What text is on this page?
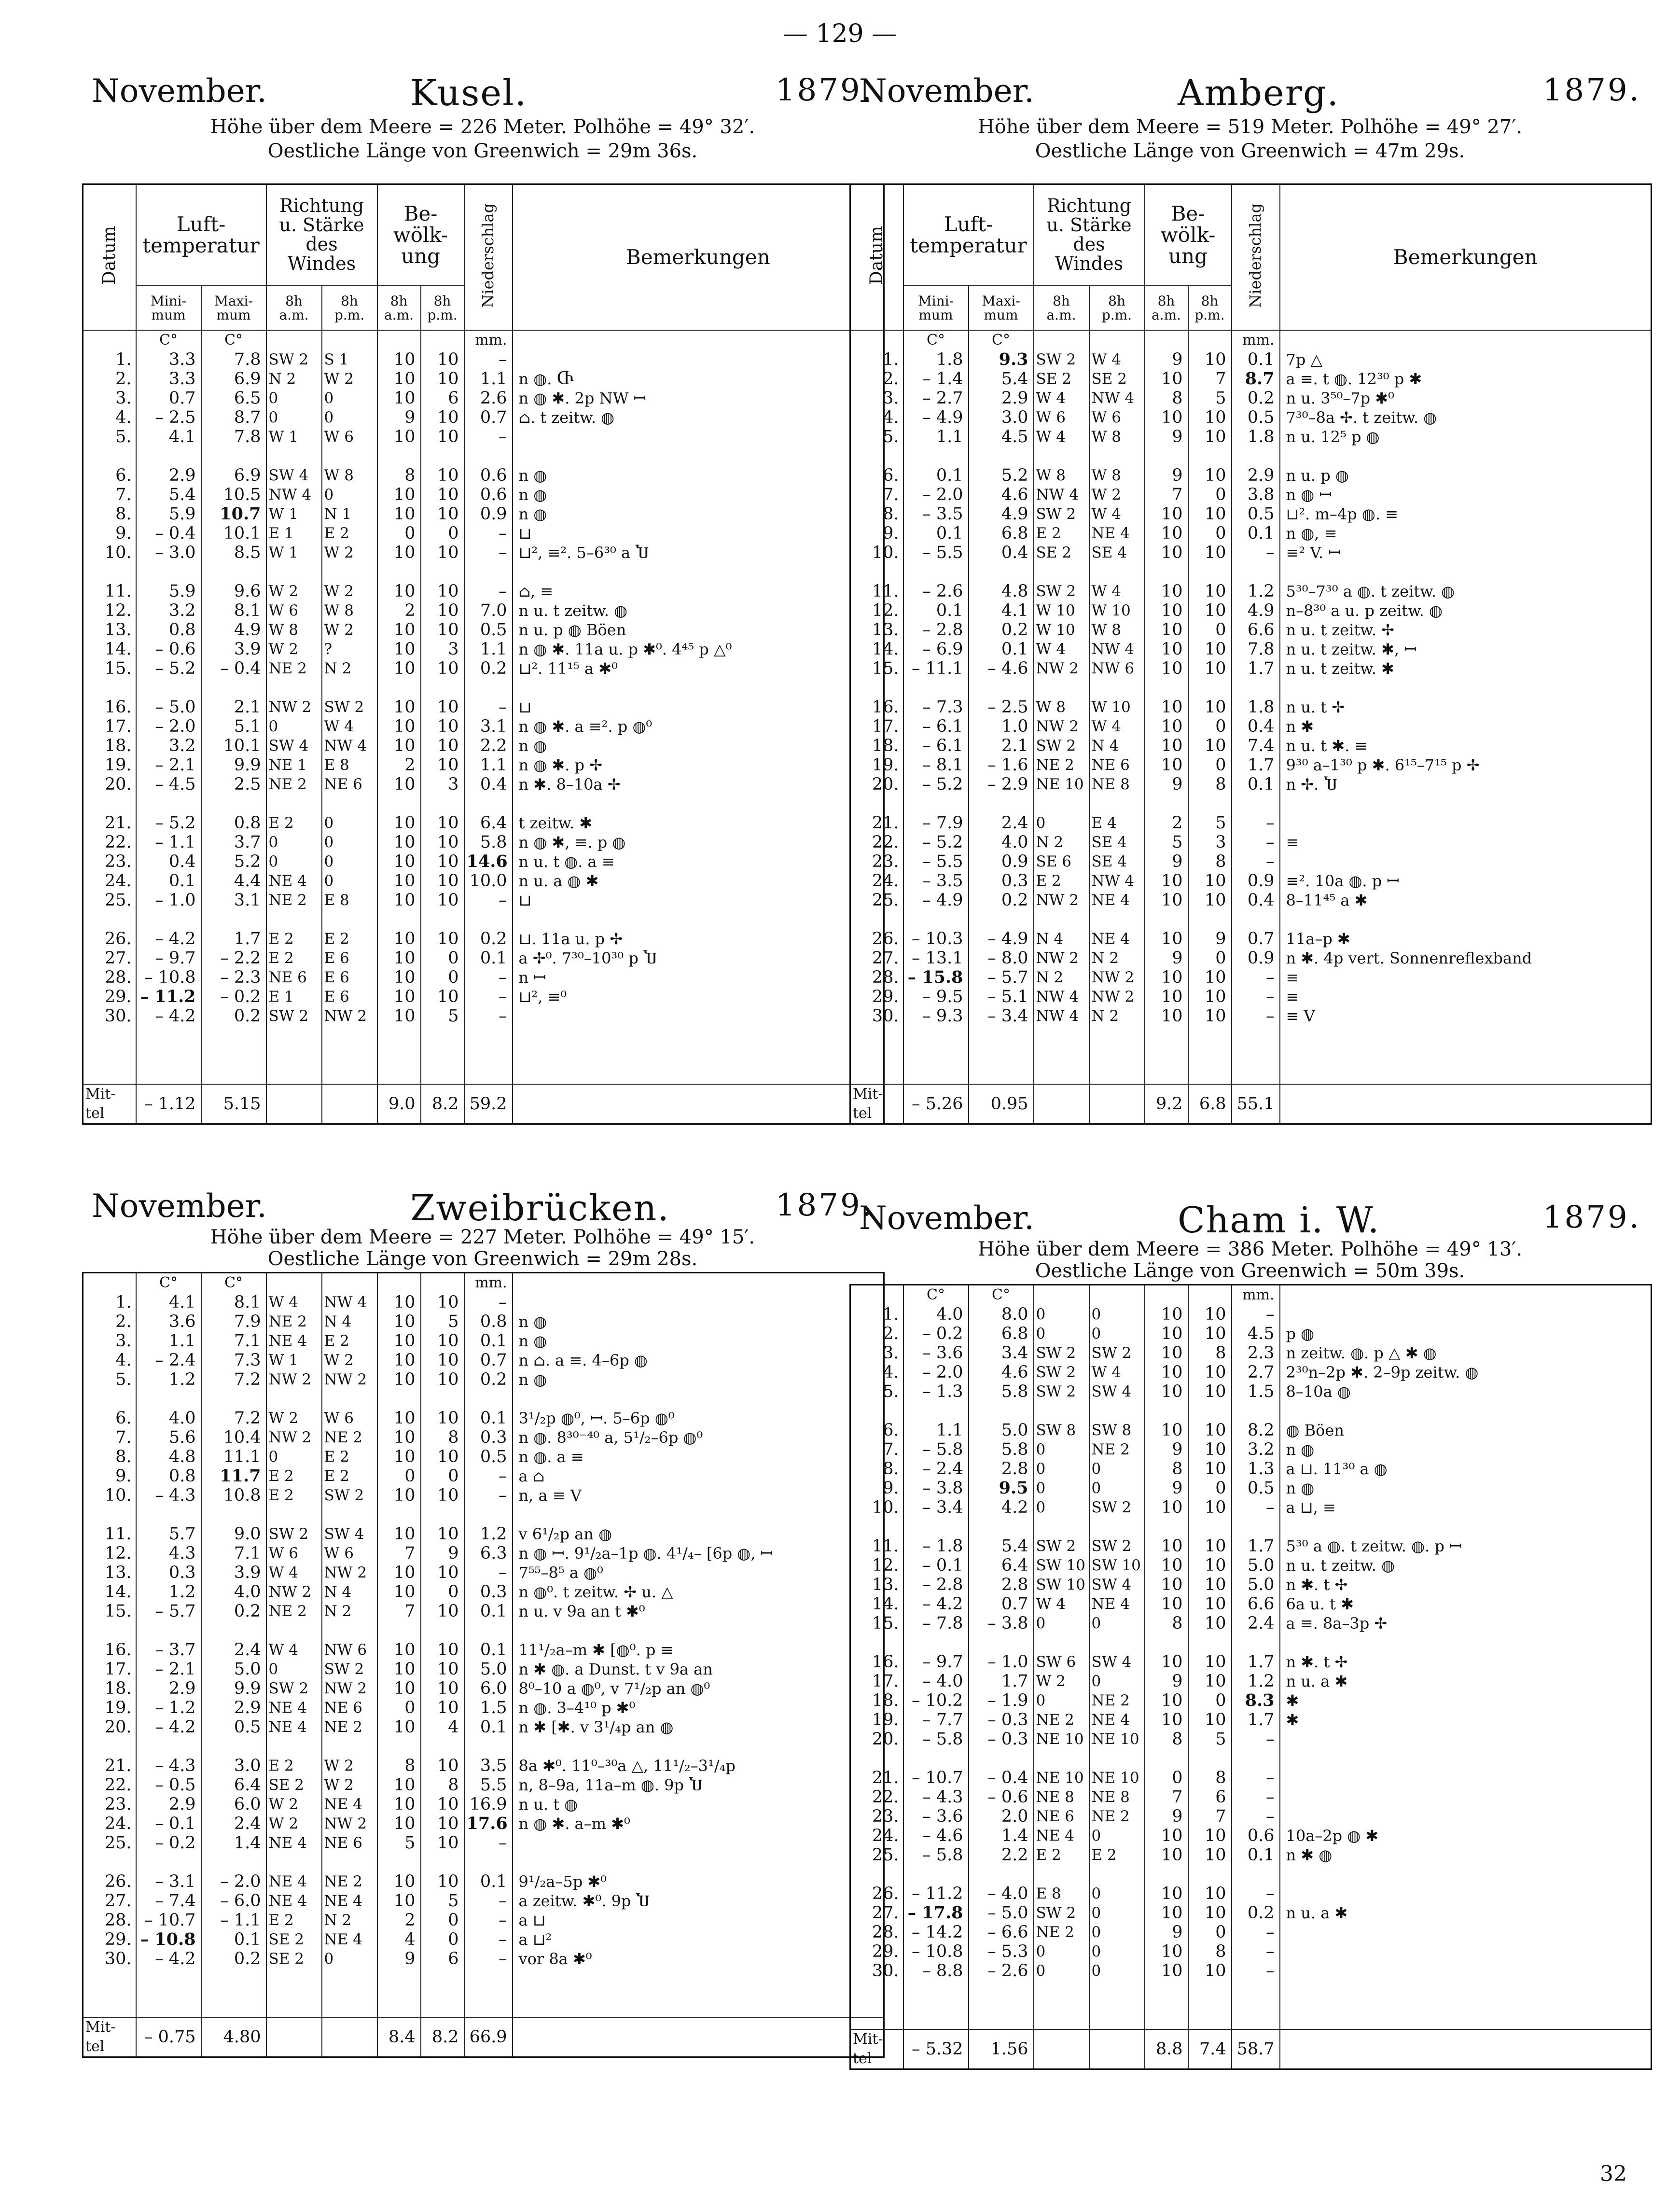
— 129 —
November.	Kusel.	1879.
Höhe über dem Meere = 226 Meter. Polhöhe = 49° 32′.
Oestliche Länge von Greenwich = 29m 36s.
Datum	Luft-
temperatur		Richtung
u. Stärke
des
Windes		Be-
wölk-
ung		Niederschlag	Bemerkungen
	Mini-
mum	Maxi-
mum	8h a.m.	8h p.m.	8h a.m.	8h p.m.		
	C°	C°					mm.	
1.	3.3	7.8	SW 2	S 1	10	10	–	
2.	3.3	6.9	N 2	W 2	10	10	1.1	n ◍. Ⴇ
3.	0.7	6.5	0	0	10	6	2.6	n ◍ ✱. 2p NW ꟷ
4.	– 2.5	8.7	0	0	9	10	0.7	⌂. t zeitw. ◍
5.	4.1	7.8	W 1	W 6	10	10	–	

6.	2.9	6.9	SW 4	W 8	8	10	0.6	n ◍
7.	5.4	10.5	NW 4	0	10	10	0.6	n ◍
8.	5.9	10.7	W 1	N 1	10	10	0.9	n ◍
9.	– 0.4	10.1	E 1	E 2	0	0	–	⊔
10.	– 3.0	8.5	W 1	W 2	10	10	–	⊔², ≡². 5–6³⁰ a Ⴎ

11.	5.9	9.6	W 2	W 2	10	10	–	⌂, ≡
12.	3.2	8.1	W 6	W 8	2	10	7.0	n u. t zeitw. ◍
13.	0.8	4.9	W 8	W 2	10	10	0.5	n u. p ◍ Böen
14.	– 0.6	3.9	W 2	?	10	3	1.1	n ◍ ✱. 11a u. p ✱⁰. 4⁴⁵ p △⁰
15.	– 5.2	– 0.4	NE 2	N 2	10	10	0.2	⊔². 11¹⁵ a ✱⁰

16.	– 5.0	2.1	NW 2	SW 2	10	10	–	⊔
17.	– 2.0	5.1	0	W 4	10	10	3.1	n ◍ ✱. a ≡². p ◍⁰
18.	3.2	10.1	SW 4	NW 4	10	10	2.2	n ◍
19.	– 2.1	9.9	NE 1	E 8	2	10	1.1	n ◍ ✱. p ✢
20.	– 4.5	2.5	NE 2	NE 6	10	3	0.4	n ✱. 8–10a ✢

21.	– 5.2	0.8	E 2	0	10	10	6.4	t zeitw. ✱
22.	– 1.1	3.7	0	0	10	10	5.8	n ◍ ✱, ≡. p ◍
23.	0.4	5.2	0	0	10	10	14.6	n u. t ◍. a ≡
24.	0.1	4.4	NE 4	0	10	10	10.0	n u. a ◍ ✱
25.	– 1.0	3.1	NE 2	E 8	10	10	–	⊔

26.	– 4.2	1.7	E 2	E 2	10	10	0.2	⊔. 11a u. p ✢
27.	– 9.7	– 2.2	E 2	E 6	10	0	0.1	a ✢⁰. 7³⁰–10³⁰ p Ⴎ
28.	– 10.8	– 2.3	NE 6	E 6	10	0	–	n ꟷ
29.	– 11.2	– 0.2	E 1	E 6	10	10	–	⊔², ≡⁰
30.	– 4.2	0.2	SW 2	NW 2	10	5	–	

Mit-
tel	– 1.12	5.15			9.0	8.2	59.2	
November.	Amberg.	1879.
Höhe über dem Meere = 519 Meter. Polhöhe = 49° 27′.
Oestliche Länge von Greenwich = 47m 29s.
Datum	Luft-
temperatur		Richtung
u. Stärke
des
Windes		Be-
wölk-
ung		Niederschlag	Bemerkungen
	Mini-
mum	Maxi-
mum	8h a.m.	8h p.m.	8h a.m.	8h p.m.		
	C°	C°					mm.	
1.	1.8	9.3	SW 2	W 4	9	10	0.1	7p △
2.	– 1.4	5.4	SE 2	SE 2	10	7	8.7	a ≡. t ◍. 12³⁰ p ✱
3.	– 2.7	2.9	W 4	NW 4	8	5	0.2	n u. 3⁵⁰–7p ✱⁰
4.	– 4.9	3.0	W 6	W 6	10	10	0.5	7³⁰–8a ✢. t zeitw. ◍
5.	1.1	4.5	W 4	W 8	9	10	1.8	n u. 12⁵ p ◍

6.	0.1	5.2	W 8	W 8	9	10	2.9	n u. p ◍
7.	– 2.0	4.6	NW 4	W 2	7	0	3.8	n ◍ ꟷ
8.	– 3.5	4.9	SW 2	W 4	10	10	0.5	⊔². m–4p ◍. ≡
9.	0.1	6.8	E 2	NE 4	10	0	0.1	n ◍, ≡
10.	– 5.5	0.4	SE 2	SE 4	10	10	–	≡² V. ꟷ

11.	– 2.6	4.8	SW 2	W 4	10	10	1.2	5³⁰–7³⁰ a ◍. t zeitw. ◍
12.	0.1	4.1	W 10	W 10	10	10	4.9	n–8³⁰ a u. p zeitw. ◍
13.	– 2.8	0.2	W 10	W 8	10	0	6.6	n u. t zeitw. ✢
14.	– 6.9	0.1	W 4	NW 4	10	10	7.8	n u. t zeitw. ✱, ꟷ
15.	– 11.1	– 4.6	NW 2	NW 6	10	10	1.7	n u. t zeitw. ✱

16.	– 7.3	– 2.5	W 8	W 10	10	10	1.8	n u. t ✢
17.	– 6.1	1.0	NW 2	W 4	10	0	0.4	n ✱
18.	– 6.1	2.1	SW 2	N 4	10	10	7.4	n u. t ✱. ≡
19.	– 8.1	– 1.6	NE 2	NE 6	10	0	1.7	9³⁰ a–1³⁰ p ✱. 6¹⁵–7¹⁵ p ✢
20.	– 5.2	– 2.9	NE 10	NE 8	9	8	0.1	n ✢. Ⴎ

21.	– 7.9	2.4	0	E 4	2	5	–	
22.	– 5.2	4.0	N 2	SE 4	5	3	–	≡
23.	– 5.5	0.9	SE 6	SE 4	9	8	–	
24.	– 3.5	0.3	E 2	NW 4	10	10	0.9	≡². 10a ◍. p ꟷ
25.	– 4.9	0.2	NW 2	NE 4	10	10	0.4	8–11⁴⁵ a ✱

26.	– 10.3	– 4.9	N 4	NE 4	10	9	0.7	11a–p ✱
27.	– 13.1	– 8.0	NW 2	N 2	9	0	0.9	n ✱. 4p vert. Sonnenreflexband
28.	– 15.8	– 5.7	N 2	NW 2	10	10	–	≡
29.	– 9.5	– 5.1	NW 4	NW 2	10	10	–	≡
30.	– 9.3	– 3.4	NW 4	N 2	10	10	–	≡ V

Mit-
tel	– 5.26	0.95			9.2	6.8	55.1	
November.	Zweibrücken.	1879.
Höhe über dem Meere = 227 Meter. Polhöhe = 49° 15′.
Oestliche Länge von Greenwich = 29m 28s.
	C°	C°					mm.	
1.	4.1	8.1	W 4	NW 4	10	10	–	
2.	3.6	7.9	NE 2	N 4	10	5	0.8	n ◍
3.	1.1	7.1	NE 4	E 2	10	10	0.1	n ◍
4.	– 2.4	7.3	W 1	W 2	10	10	0.7	n ⌂. a ≡. 4–6p ◍
5.	1.2	7.2	NW 2	NW 2	10	10	0.2	n ◍

6.	4.0	7.2	W 2	W 6	10	10	0.1	3¹/₂p ◍⁰, ꟷ. 5–6p ◍⁰
7.	5.6	10.4	NW 2	NE 2	10	8	0.3	n ◍. 8³⁰⁻⁴⁰ a, 5¹/₂–6p ◍⁰
8.	4.8	11.1	0	E 2	10	10	0.5	n ◍. a ≡
9.	0.8	11.7	E 2	E 2	0	0	–	a ⌂
10.	– 4.3	10.8	E 2	SW 2	10	10	–	n, a ≡ V

11.	5.7	9.0	SW 2	SW 4	10	10	1.2	v 6¹/₂p an ◍
12.	4.3	7.1	W 6	W 6	7	9	6.3	n ◍ ꟷ. 9¹/₂a–1p ◍. 4¹/₄– [6p ◍, ꟷ
13.	0.3	3.9	W 4	NW 2	10	10	–	7⁵⁵–8⁵ a ◍⁰
14.	1.2	4.0	NW 2	N 4	10	0	0.3	n ◍⁰. t zeitw. ✢ u. △
15.	– 5.7	0.2	NE 2	N 2	7	10	0.1	n u. v 9a an t ✱⁰

16.	– 3.7	2.4	W 4	NW 6	10	10	0.1	11¹/₂a–m ✱ [◍⁰. p ≡
17.	– 2.1	5.0	0	SW 2	10	10	5.0	n ✱ ◍. a Dunst. t v 9a an
18.	2.9	9.9	SW 2	NW 2	10	10	6.0	8⁰–10 a ◍⁰, v 7¹/₂p an ◍⁰
19.	– 1.2	2.9	NE 4	NE 6	0	10	1.5	n ◍. 3–4¹⁰ p ✱⁰
20.	– 4.2	0.5	NE 4	NE 2	10	4	0.1	n ✱ [✱. v 3¹/₄p an ◍

21.	– 4.3	3.0	E 2	W 2	8	10	3.5	8a ✱⁰. 11⁰–³⁰a △, 11¹/₂–3¹/₄p
22.	– 0.5	6.4	SE 2	W 2	10	8	5.5	n, 8–9a, 11a–m ◍. 9p Ⴎ
23.	2.9	6.0	W 2	NE 4	10	10	16.9	n u. t ◍
24.	– 0.1	2.4	W 2	NW 2	10	10	17.6	n ◍ ✱. a–m ✱⁰
25.	– 0.2	1.4	NE 4	NE 6	5	10	–	

26.	– 3.1	– 2.0	NE 4	NE 2	10	10	0.1	9¹/₂a–5p ✱⁰
27.	– 7.4	– 6.0	NE 4	NE 4	10	5	–	a zeitw. ✱⁰. 9p Ⴎ
28.	– 10.7	– 1.1	E 2	N 2	2	0	–	a ⊔
29.	– 10.8	0.1	SE 2	NE 4	4	0	–	a ⊔²
30.	– 4.2	0.2	SE 2	0	9	6	–	vor 8a ✱⁰

Mit-
tel	– 0.75	4.80			8.4	8.2	66.9	
November.	Cham i. W.	1879.
Höhe über dem Meere = 386 Meter. Polhöhe = 49° 13′.
Oestliche Länge von Greenwich = 50m 39s.
	C°	C°					mm.	
1.	4.0	8.0	0	0	10	10	–	
2.	– 0.2	6.8	0	0	10	10	4.5	p ◍
3.	– 3.6	3.4	SW 2	SW 2	10	8	2.3	n zeitw. ◍. p △ ✱ ◍
4.	– 2.0	4.6	SW 2	W 4	10	10	2.7	2³⁰n–2p ✱. 2–9p zeitw. ◍
5.	– 1.3	5.8	SW 2	SW 4	10	10	1.5	8–10a ◍

6.	1.1	5.0	SW 8	SW 8	10	10	8.2	◍ Böen
7.	– 5.8	5.8	0	NE 2	9	10	3.2	n ◍
8.	– 2.4	2.8	0	0	8	10	1.3	a ⊔. 11³⁰ a ◍
9.	– 3.8	9.5	0	0	9	0	0.5	n ◍
10.	– 3.4	4.2	0	SW 2	10	10	–	a ⊔, ≡

11.	– 1.8	5.4	SW 2	SW 2	10	10	1.7	5³⁰ a ◍. t zeitw. ◍. p ꟷ
12.	– 0.1	6.4	SW 10	SW 10	10	10	5.0	n u. t zeitw. ◍
13.	– 2.8	2.8	SW 10	SW 4	10	10	5.0	n ✱. t ✢
14.	– 4.2	0.7	W 4	NE 4	10	10	6.6	6a u. t ✱
15.	– 7.8	– 3.8	0	0	8	10	2.4	a ≡. 8a–3p ✢

16.	– 9.7	– 1.0	SW 6	SW 4	10	10	1.7	n ✱. t ✢
17.	– 4.0	1.7	W 2	0	9	10	1.2	n u. a ✱
18.	– 10.2	– 1.9	0	NE 2	10	0	8.3	✱
19.	– 7.7	– 0.3	NE 2	NE 4	10	10	1.7	✱
20.	– 5.8	– 0.3	NE 10	NE 10	8	5	–	

21.	– 10.7	– 0.4	NE 10	NE 10	0	8	–	
22.	– 4.3	– 0.6	NE 8	NE 8	7	6	–	
23.	– 3.6	2.0	NE 6	NE 2	9	7	–	
24.	– 4.6	1.4	NE 4	0	10	10	0.6	10a–2p ◍ ✱
25.	– 5.8	2.2	E 2	E 2	10	10	0.1	n ✱ ◍

26.	– 11.2	– 4.0	E 8	0	10	10	–	
27.	– 17.8	– 5.0	SW 2	0	10	10	0.2	n u. a ✱
28.	– 14.2	– 6.6	NE 2	0	9	0	–	
29.	– 10.8	– 5.3	0	0	10	8	–	
30.	– 8.8	– 2.6	0	0	10	10	–	

Mit-
tel	– 5.32	1.56			8.8	7.4	58.7	
32
